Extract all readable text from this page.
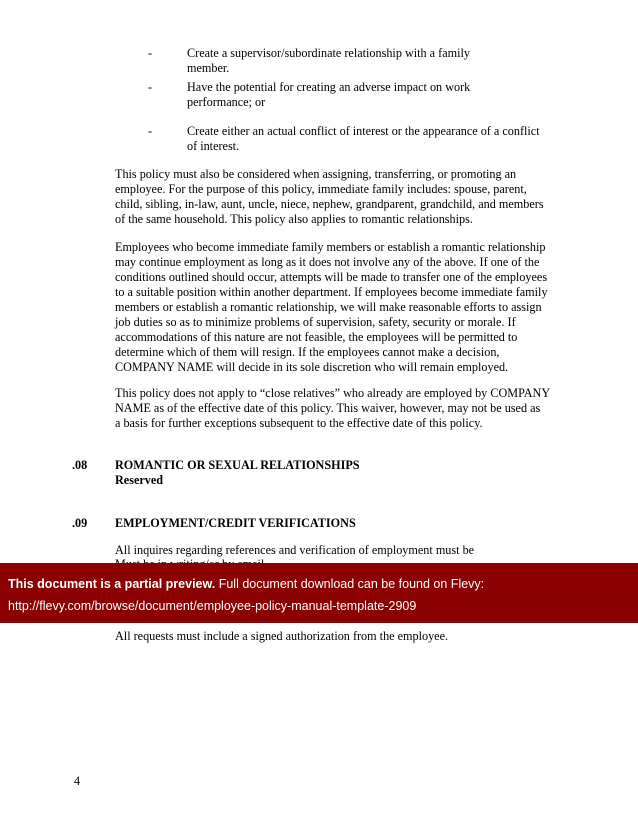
-	Create a supervisor/subordinate relationship with a family
member.
-	Have the potential for creating an adverse impact on work
performance; or
-	Create either an actual conflict of interest or the appearance of a conflict
of interest.
This policy must also be considered when assigning, transferring, or promoting an
employee. For the purpose of this policy, immediate family includes: spouse, parent,
child, sibling, in-law, aunt, uncle, niece, nephew, grandparent, grandchild, and members
of the same household. This policy also applies to romantic relationships.
Employees who become immediate family members or establish a romantic relationship
may continue employment as long as it does not involve any of the above. If one of the
conditions outlined should occur, attempts will be made to transfer one of the employees
to a suitable position within another department. If employees become immediate family
members or establish a romantic relationship, we will make reasonable efforts to assign
job duties so as to minimize problems of supervision, safety, security or morale. If
accommodations of this nature are not feasible, the employees will be permitted to
determine which of them will resign. If the employees cannot make a decision,
COMPANY NAME will decide in its sole discretion who will remain employed.
This policy does not apply to “close relatives” who already are employed by COMPANY
NAME as of the effective date of this policy. This waiver, however, may not be used as
a basis for further exceptions subsequent to the effective date of this policy.
.08 ROMANTIC OR SEXUAL RELATIONSHIPS
Reserved
.09 EMPLOYMENT/CREDIT VERIFICATIONS
All inquires regarding references and verification of employment must be
All requests must include a signed authorization from the employee.
This document is a partial preview. Full document download can be found on Flevy:
http://flevy.com/browse/document/employee-policy-manual-template-2909
4
